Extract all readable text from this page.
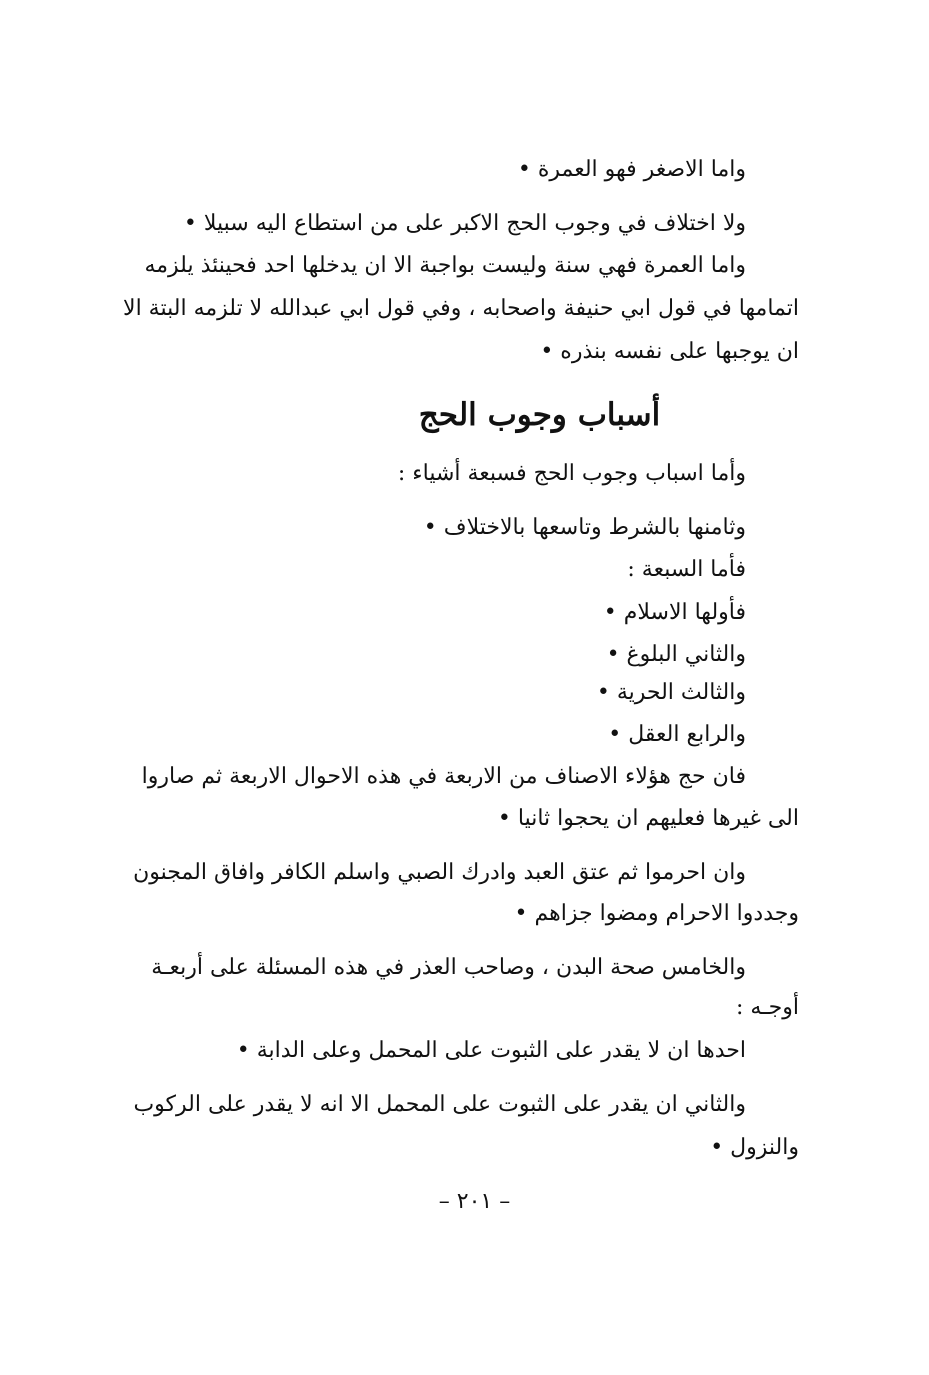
واما الاصغر فهو العمرة •

ولا اختلاف في وجوب الحج الاكبر على من استطاع اليه سبيلا •

واما العمرة فهي سنة وليست بواجبة الا ان يدخلها احد فحينئذ يلزمه

اتمامها في قول ابي حنيفة واصحابه ، وفي قول ابي عبدالله لا تلزمه البتة الا

ان يوجبها على نفسه بنذره •

أسباب وجوب الحج

وأما اسباب وجوب الحج فسبعة أشياء :

وثامنها بالشرط وتاسعها بالاختلاف •

فأما السبعة :

فأولها الاسلام •

والثاني البلوغ •

والثالث الحرية •

والرابع العقل •

فان حج هؤلاء الاصناف من الاربعة في هذه الاحوال الاربعة ثم صاروا

الى غيرها فعليهم ان يحجوا ثانيا •

وان احرموا ثم عتق العبد وادرك الصبي واسلم الكافر وافاق المجنون

وجددوا الاحرام ومضوا جزاهم •

والخامس صحة البدن ، وصاحب العذر في هذه المسئلة على أربعـة

أوجـه :

احدها ان لا يقدر على الثبوت على المحمل وعلى الدابة •

والثاني ان يقدر على الثبوت على المحمل الا انه لا يقدر على الركوب

والنزول •

– ٢٠١ –
